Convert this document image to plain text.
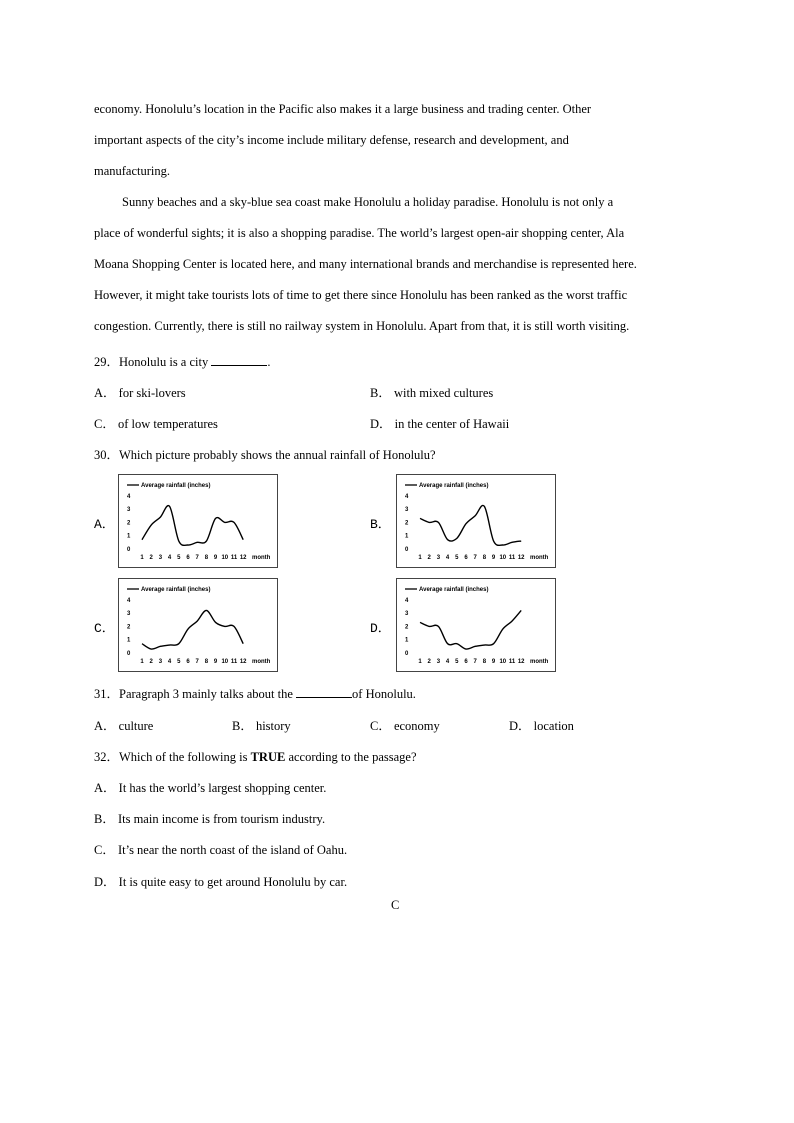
economy. Honolulu’s location in the Pacific also makes it a large business and trading center. Other
important aspects of the city’s income include military defense, research and development, and
manufacturing.
Sunny beaches and a sky-blue sea coast make Honolulu a holiday paradise. Honolulu is not only a
place of wonderful sights; it is also a shopping paradise. The world’s largest open-air shopping center, Ala
Moana Shopping Center is located here, and many international brands and merchandise is represented here.
However, it might take tourists lots of time to get there since Honolulu has been ranked as the worst traffic
congestion. Currently, there is still no railway system in Honolulu. Apart from that, it is still worth visiting.
29．Honolulu is a city	.
A． for ski-lovers	B． with mixed cultures
C． of low temperatures	D． in the center of Hawaii
30．Which picture probably shows the annual rainfall of Honolulu?
A．	B．
C．	D．
Average rainfall (inches)
0
1
2
3
4
1 2 3 4 5 6 7 8 9 10 11 12 month
Average rainfall (inches)
0
1
2
3
4
1 2 3 4 5 6 7 8 9 10 11 12 month
Average rainfall (inches)
0
1
2
3
4
1 2 3 4 5 6 7 8 9 10 11 12 month
Average rainfall (inches)
0
1
2
3
4
1 2 3 4 5 6 7 8 9 10 11 12 month
31．Paragraph 3 mainly talks about the	of Honolulu.
A． culture	B． history	C． economy	D． location
32．Which of the following is TRUE according to the passage?
A． It has the world’s largest shopping center.
B． Its main income is from tourism industry.
C． It’s near the north coast of the island of Oahu.
D． It is quite easy to get around Honolulu by car.
C
